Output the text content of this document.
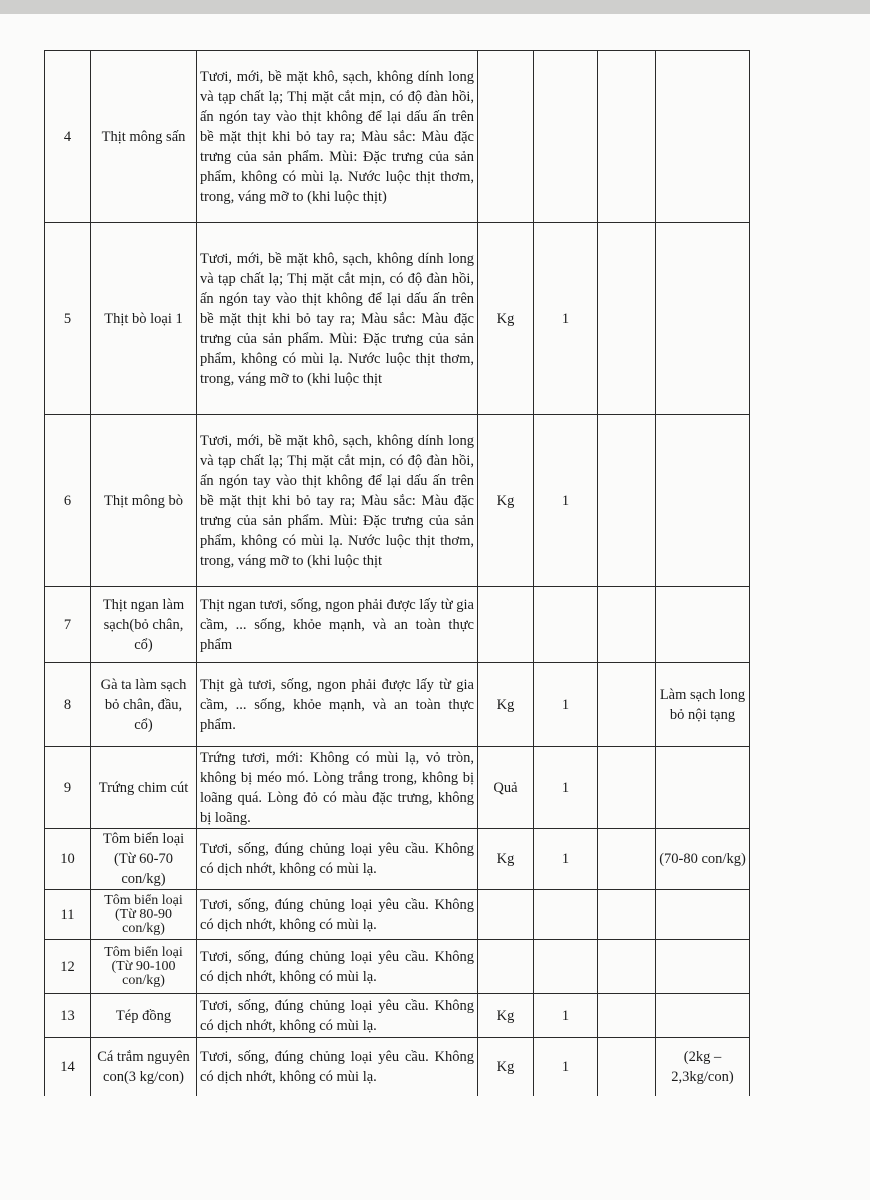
4	Thịt mông sấn	Tươi, mới, bề mặt khô, sạch, không dính long và tạp chất lạ; Thị mặt cắt mịn, có độ đàn hồi, ấn ngón tay vào thịt không để lại dấu ấn trên bề mặt thịt khi bỏ tay ra; Màu sắc: Màu đặc trưng của sản phẩm. Mùi: Đặc trưng của sản phẩm, không có mùi lạ. Nước luộc thịt thơm, trong, váng mỡ to (khi luộc thịt)				
5	Thịt bò loại 1	Tươi, mới, bề mặt khô, sạch, không dính long và tạp chất lạ; Thị mặt cắt mịn, có độ đàn hồi, ấn ngón tay vào thịt không để lại dấu ấn trên bề mặt thịt khi bỏ tay ra; Màu sắc: Màu đặc trưng của sản phẩm. Mùi: Đặc trưng của sản phẩm, không có mùi lạ. Nước luộc thịt thơm, trong, váng mỡ to (khi luộc thịt	Kg	1		
6	Thịt mông bò	Tươi, mới, bề mặt khô, sạch, không dính long và tạp chất lạ; Thị mặt cắt mịn, có độ đàn hồi, ấn ngón tay vào thịt không để lại dấu ấn trên bề mặt thịt khi bỏ tay ra; Màu sắc: Màu đặc trưng của sản phẩm. Mùi: Đặc trưng của sản phẩm, không có mùi lạ. Nước luộc thịt thơm, trong, váng mỡ to (khi luộc thịt	Kg	1		
7	Thịt ngan làm sạch(bỏ chân, cổ)	Thịt ngan tươi, sống, ngon phải được lấy từ gia cầm, ... sống, khỏe mạnh, và an toàn thực phẩm				
8	Gà ta làm sạch bỏ chân, đầu, cổ)	Thịt gà tươi, sống, ngon phải được lấy từ gia cầm, ... sống, khỏe mạnh, và an toàn thực phẩm.	Kg	1		Làm sạch long bỏ nội tạng
9	Trứng chim cút	Trứng tươi, mới: Không có mùi lạ, vỏ tròn, không bị méo mó. Lòng trắng trong, không bị loãng quá. Lòng đỏ có màu đặc trưng, không bị loãng.	Quả	1		
10	Tôm biển loại (Từ 60-70 con/kg)	Tươi, sống, đúng chủng loại yêu cầu. Không có dịch nhớt, không có mùi lạ.	Kg	1		(70-80 con/kg)
11	Tôm biển loại (Từ 80-90 con/kg)	Tươi, sống, đúng chủng loại yêu cầu. Không có dịch nhớt, không có mùi lạ.				
12	Tôm biển loại (Từ 90-100 con/kg)	Tươi, sống, đúng chủng loại yêu cầu. Không có dịch nhớt, không có mùi lạ.				
13	Tép đồng	Tươi, sống, đúng chủng loại yêu cầu. Không có dịch nhớt, không có mùi lạ.	Kg	1		
14	Cá trắm nguyên con(3 kg/con)	Tươi, sống, đúng chủng loại yêu cầu. Không có dịch nhớt, không có mùi lạ.	Kg	1		(2kg – 2,3kg/con)
